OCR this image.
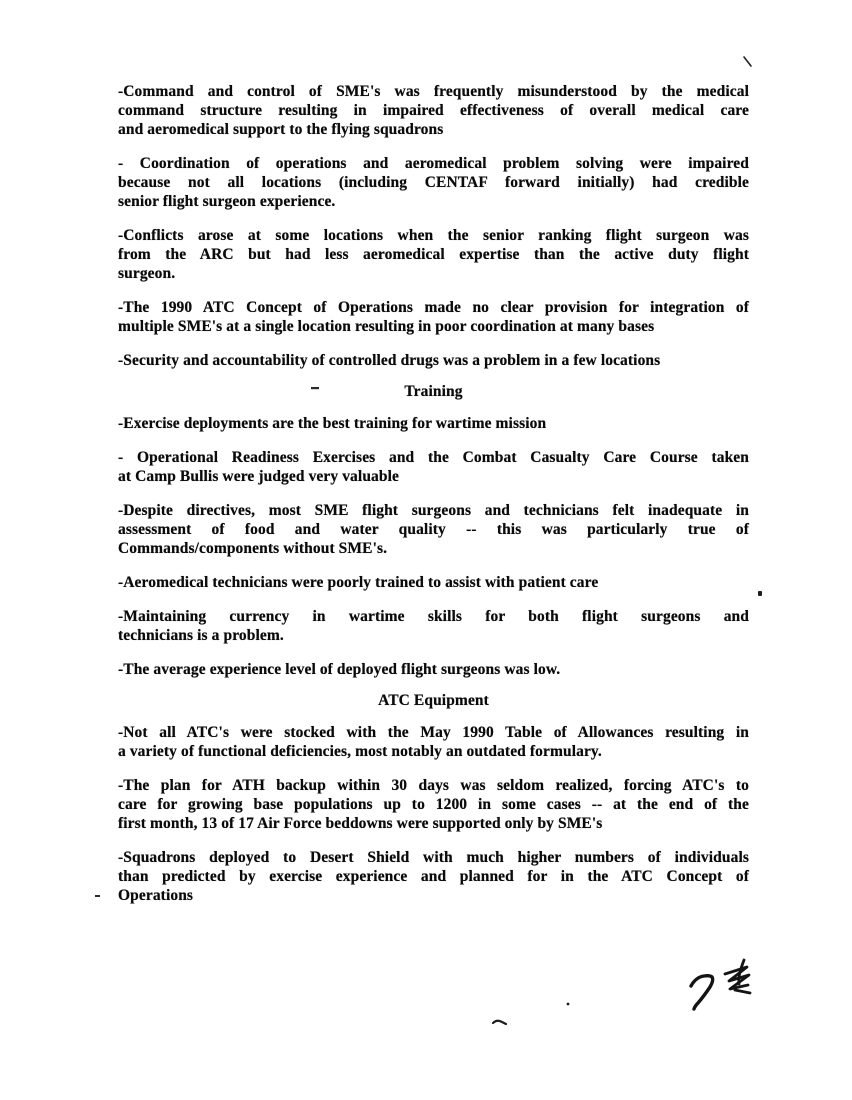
-Command and control of SME's was frequently misunderstood by the medical
command structure resulting in impaired effectiveness of overall medical care
and aeromedical support to the flying squadrons
- Coordination of operations and aeromedical problem solving were impaired
because not all locations (including CENTAF forward initially) had credible
senior flight surgeon experience.
-Conflicts arose at some locations when the senior ranking flight surgeon was
from the ARC but had less aeromedical expertise than the active duty flight
surgeon.
-The 1990 ATC Concept of Operations made no clear provision for integration of
multiple SME's at a single location resulting in poor coordination at many bases
-Security and accountability of controlled drugs was a problem in a few locations
Training
-Exercise deployments are the best training for wartime mission
- Operational Readiness Exercises and the Combat Casualty Care Course taken
at Camp Bullis were judged very valuable
-Despite directives, most SME flight surgeons and technicians felt inadequate in
assessment of food and water quality -- this was particularly true of
Commands/components without SME's.
-Aeromedical technicians were poorly trained to assist with patient care
-Maintaining currency in wartime skills for both flight surgeons and
technicians is a problem.
-The average experience level of deployed flight surgeons was low.
ATC Equipment
-Not all ATC's were stocked with the May 1990 Table of Allowances resulting in
a variety of functional deficiencies, most notably an outdated formulary.
-The plan for ATH backup within 30 days was seldom realized, forcing ATC's to
care for growing base populations up to 1200 in some cases -- at the end of the
first month, 13 of 17 Air Force beddowns were supported only by SME's
-Squadrons deployed to Desert Shield with much higher numbers of individuals
than predicted by exercise experience and planned for in the ATC Concept of
Operations
